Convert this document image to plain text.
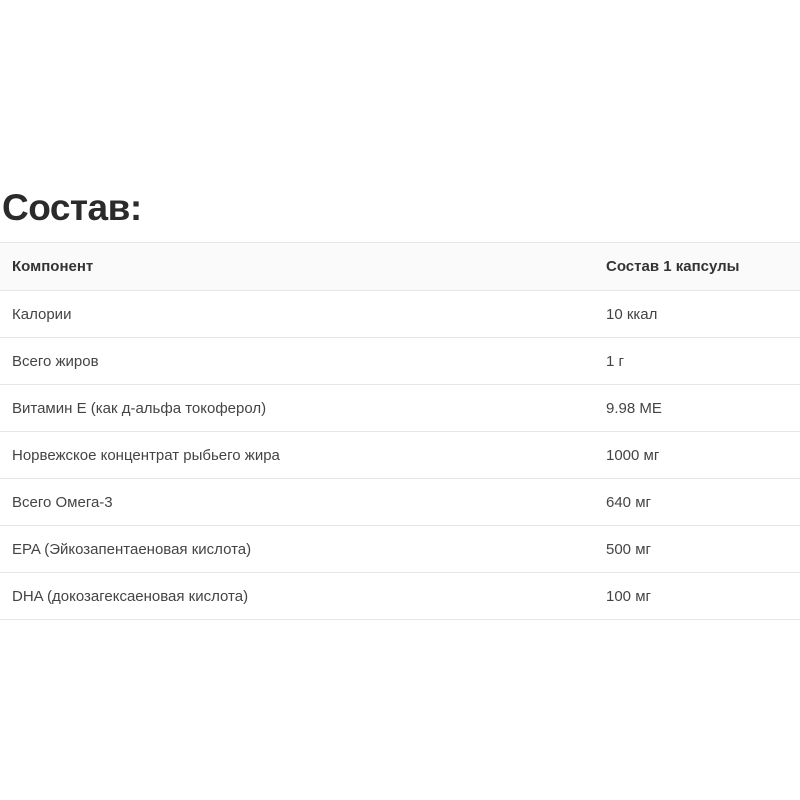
Состав:
Компонент	Состав 1 капсулы
Калории	10 ккал
Всего жиров	1 г
Витамин Е (как д-альфа токоферол)	9.98 МЕ
Норвежское концентрат рыбьего жира	1000 мг
Всего Омега-3	640 мг
EPA (Эйкозапентаеновая кислота)	500 мг
DHA (докозагексаеновая кислота)	100 мг
